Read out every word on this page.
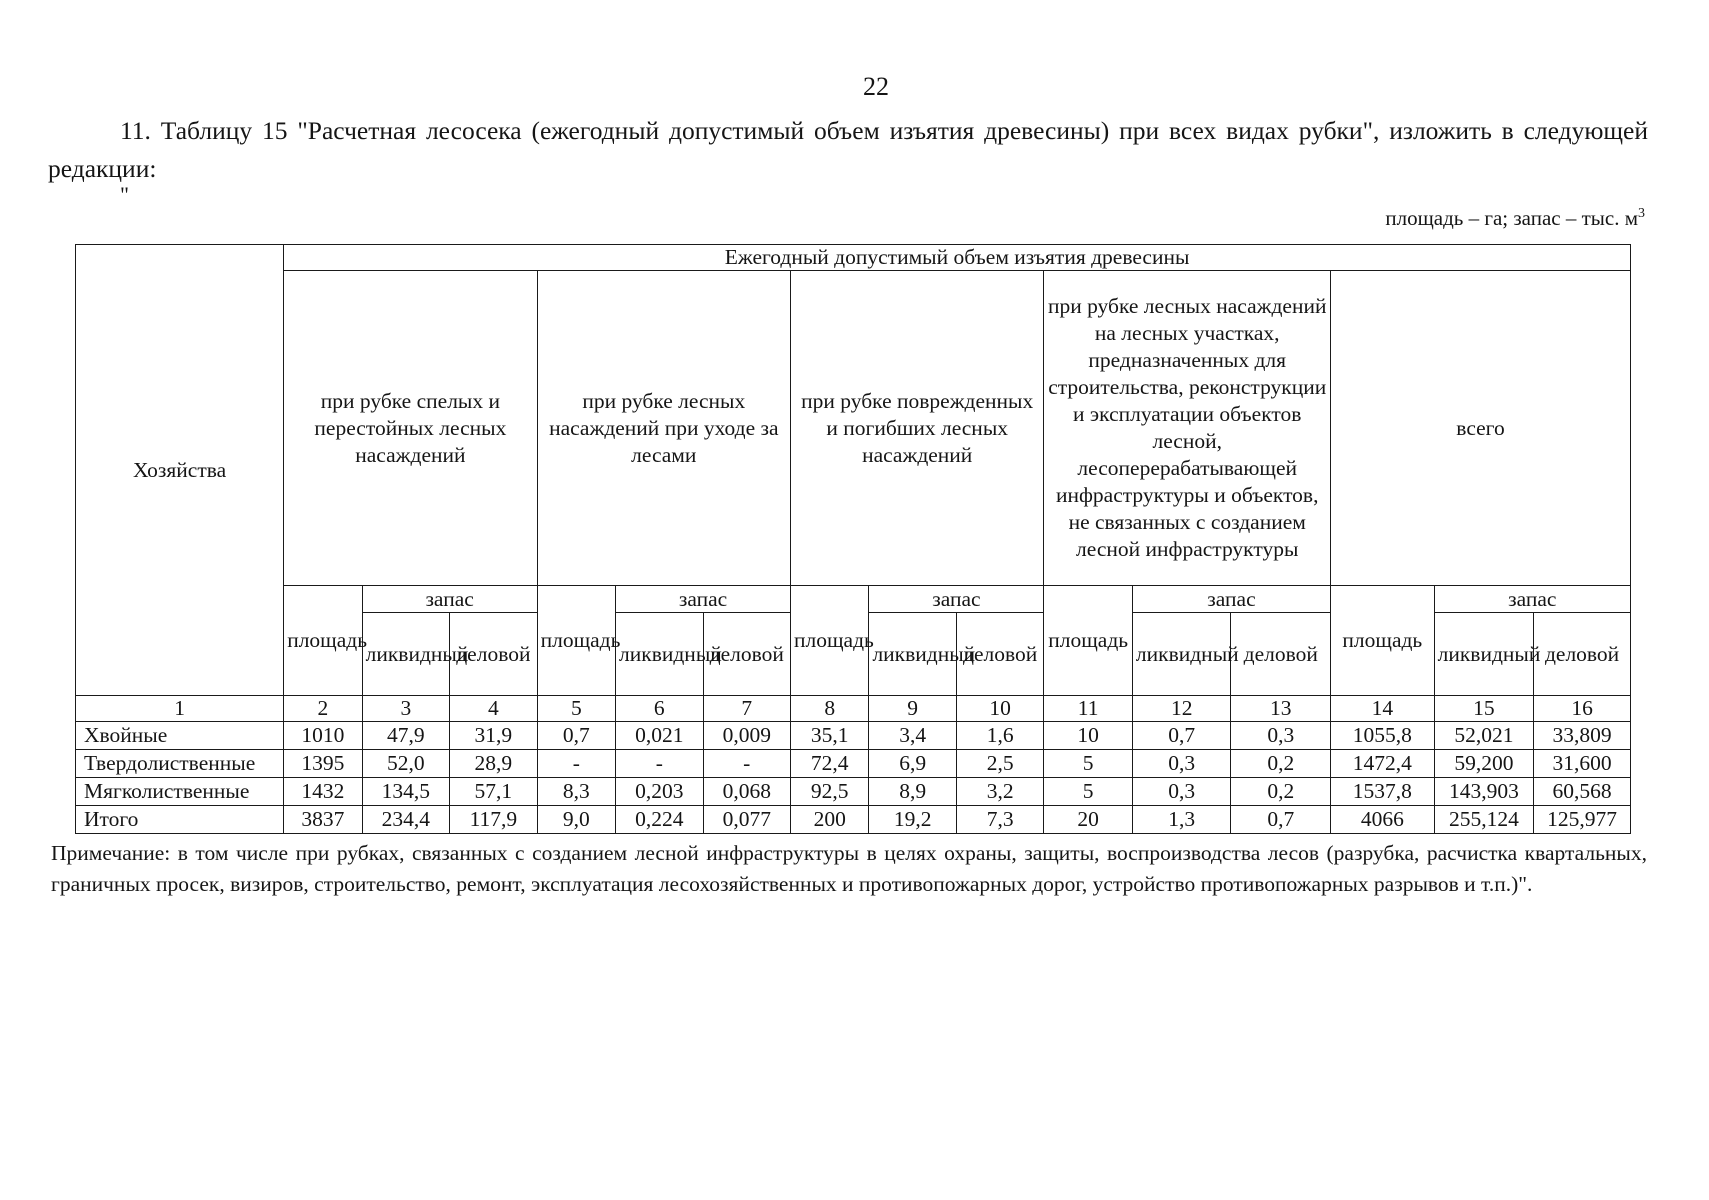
22

11. Таблицу 15 "Расчетная лесосека (ежегодный допустимый объем изъятия древесины) при всех видах рубки", изложить в следующей редакции:

"
площадь – га; запас – тыс. $м^3$
Хозяйства	Ежегодный допустимый объем изъятия древесины														
	при рубке спелых и перестойных лесных насаждений			при рубке лесных насаждений при уходе за лесами			при рубке поврежденных и погибших лесных насаждений			при рубке лесных насаждений на лесных участках, предназначенных для строительства, реконструкции и эксплуатации объектов лесной, лесоперерабатывающей инфраструктуры и объектов, не связанных с созданием лесной инфраструктуры			всего		
	площадь	запас		площадь	запас		площадь	запас		площадь	запас		площадь	запас	
		ликвидный	деловой		ликвидный	деловой		ликвидный	деловой		ликвидный	деловой		ликвидный	деловой
1	2	3	4	5	6	7	8	9	10	11	12	13	14	15	16
Хвойные	1010	47,9	31,9	0,7	0,021	0,009	35,1	3,4	1,6	10	0,7	0,3	1055,8	52,021	33,809
Твердолиственные	1395	52,0	28,9	-	-	-	72,4	6,9	2,5	5	0,3	0,2	1472,4	59,200	31,600
Мягколиственные	1432	134,5	57,1	8,3	0,203	0,068	92,5	8,9	3,2	5	0,3	0,2	1537,8	143,903	60,568
Итого	3837	234,4	117,9	9,0	0,224	0,077	200	19,2	7,3	20	1,3	0,7	4066	255,124	125,977

Примечание: в том числе при рубках, связанных с созданием лесной инфраструктуры в целях охраны, защиты, воспроизводства лесов (разрубка, расчистка квартальных, граничных просек, визиров, строительство, ремонт, эксплуатация лесохозяйственных и противопожарных дорог, устройство противопожарных разрывов и т.п.)".
